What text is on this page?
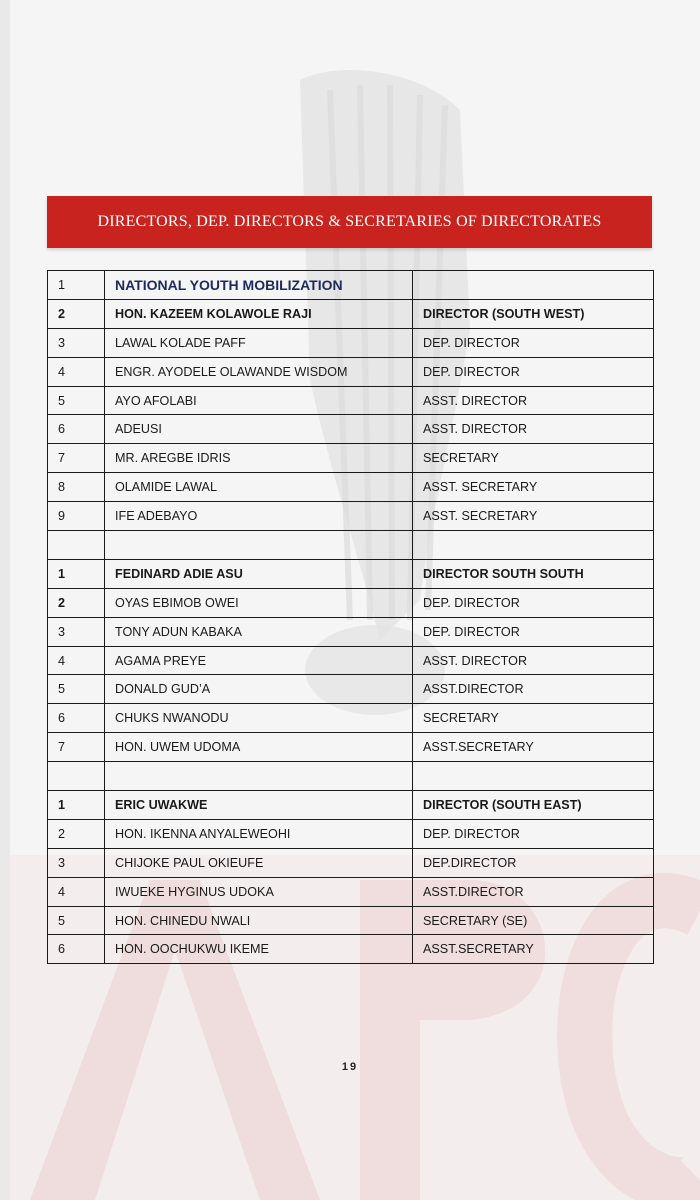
DIRECTORS, DEP. DIRECTORS & SECRETARIES OF DIRECTORATES
1	NATIONAL YOUTH MOBILIZATION	
2	HON. KAZEEM KOLAWOLE RAJI	DIRECTOR (SOUTH WEST)
3	LAWAL KOLADE PAFF	DEP. DIRECTOR
4	ENGR. AYODELE OLAWANDE WISDOM	DEP. DIRECTOR
5	AYO AFOLABI	ASST. DIRECTOR
6	ADEUSI	ASST. DIRECTOR
7	MR. AREGBE IDRIS	SECRETARY
8	OLAMIDE LAWAL	ASST. SECRETARY
9	IFE ADEBAYO	ASST. SECRETARY

1	FEDINARD ADIE ASU	DIRECTOR SOUTH SOUTH
2	OYAS EBIMOB OWEI	DEP. DIRECTOR
3	TONY ADUN KABAKA	DEP. DIRECTOR
4	AGAMA PREYE	ASST. DIRECTOR
5	DONALD GUD’A	ASST.DIRECTOR
6	CHUKS NWANODU	SECRETARY
7	HON. UWEM UDOMA	ASST.SECRETARY

1	ERIC UWAKWE	DIRECTOR (SOUTH EAST)
2	HON. IKENNA ANYALEWEOHI	DEP. DIRECTOR
3	CHIJOKE PAUL OKIEUFE	DEP.DIRECTOR
4	IWUEKE HYGINUS UDOKA	ASST.DIRECTOR
5	HON. CHINEDU NWALI	SECRETARY (SE)
6	HON. OOCHUKWU IKEME	ASST.SECRETARY
19
